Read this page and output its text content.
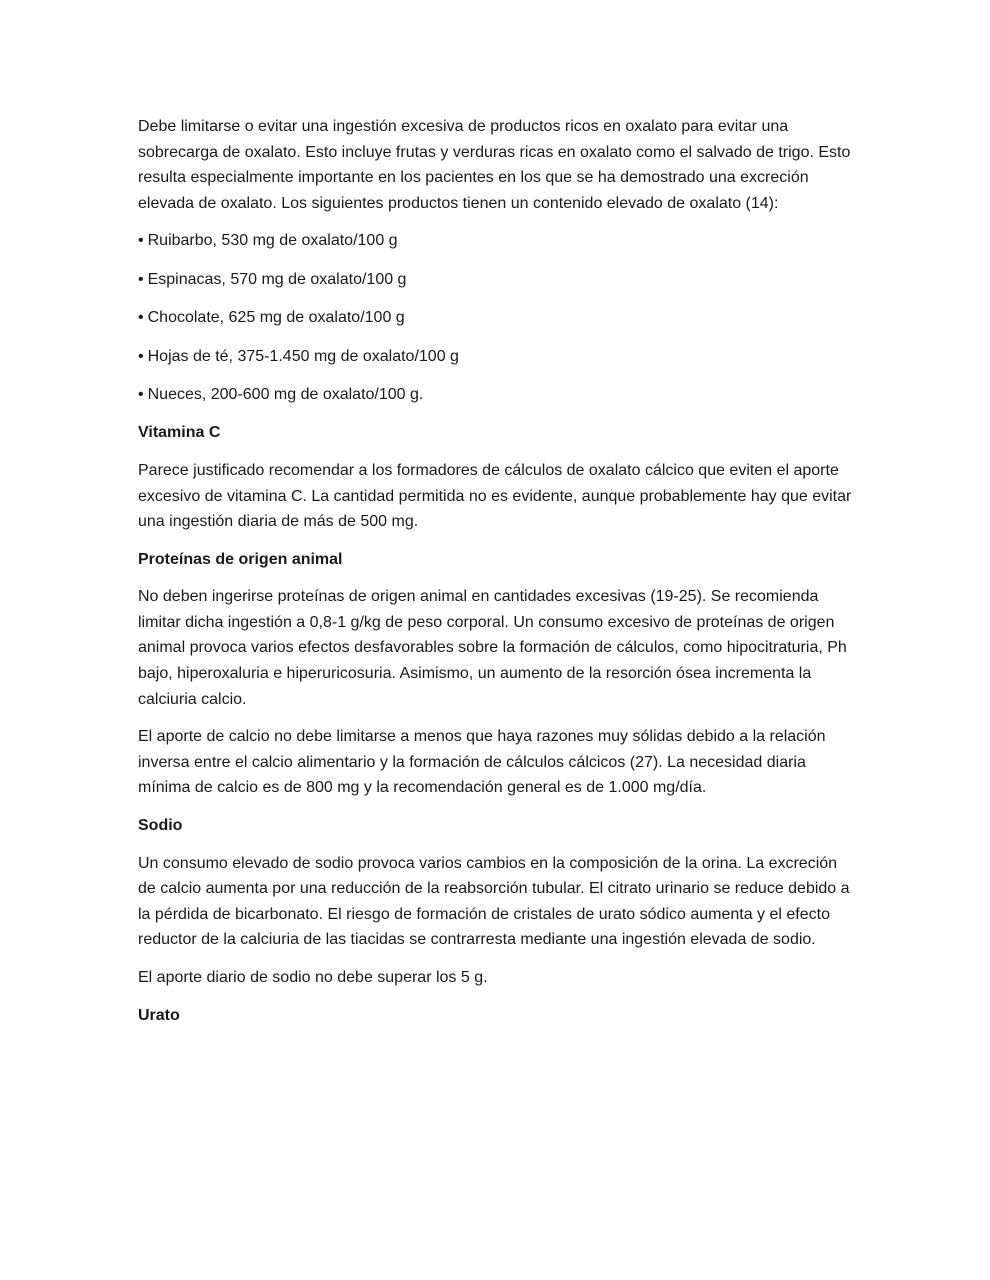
Debe limitarse o evitar una ingestión excesiva de productos ricos en oxalato para evitar una sobrecarga de oxalato. Esto incluye frutas y verduras ricas en oxalato como el salvado de trigo. Esto resulta especialmente importante en los pacientes en los que se ha demostrado una excreción elevada de oxalato. Los siguientes productos tienen un contenido elevado de oxalato (14):

• Ruibarbo, 530 mg de oxalato/100 g

• Espinacas, 570 mg de oxalato/100 g

• Chocolate, 625 mg de oxalato/100 g

• Hojas de té, 375-1.450 mg de oxalato/100 g

• Nueces, 200-600 mg de oxalato/100 g.

Vitamina C

Parece justificado recomendar a los formadores de cálculos de oxalato cálcico que eviten el aporte excesivo de vitamina C. La cantidad permitida no es evidente, aunque probablemente hay que evitar una ingestión diaria de más de 500 mg.

Proteínas de origen animal

No deben ingerirse proteínas de origen animal en cantidades excesivas (19-25). Se recomienda limitar dicha ingestión a 0,8-1 g/kg de peso corporal. Un consumo excesivo de proteínas de origen animal provoca varios efectos desfavorables sobre la formación de cálculos, como hipocitraturia, Ph bajo, hiperoxaluria e hiperuricosuria. Asimismo, un aumento de la resorción ósea incrementa la calciuria calcio.

El aporte de calcio no debe limitarse a menos que haya razones muy sólidas debido a la relación inversa entre el calcio alimentario y la formación de cálculos cálcicos (27). La necesidad diaria mínima de calcio es de 800 mg y la recomendación general es de 1.000 mg/día.

Sodio

Un consumo elevado de sodio provoca varios cambios en la composición de la orina. La excreción de calcio aumenta por una reducción de la reabsorción tubular. El citrato urinario se reduce debido a la pérdida de bicarbonato. El riesgo de formación de cristales de urato sódico aumenta y el efecto reductor de la calciuria de las tiacidas se contrarresta mediante una ingestión elevada de sodio.

El aporte diario de sodio no debe superar los 5 g.

Urato
